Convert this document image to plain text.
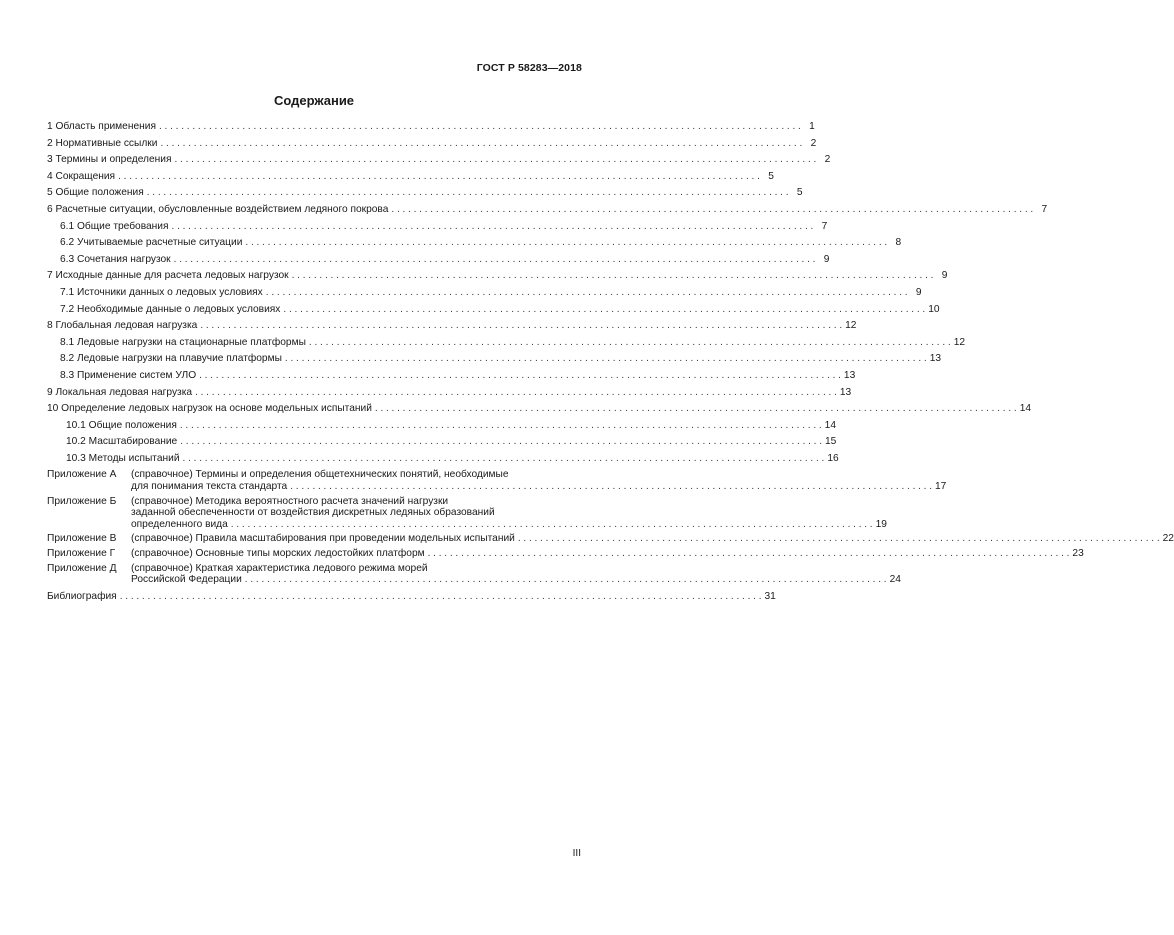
ГОСТ Р 58283—2018
Содержание
1 Область применения . . .	1
2 Нормативные ссылки . . .	2
3 Термины и определения . . .	2
4 Сокращения . . .	5
5 Общие положения . . .	5
6 Расчетные ситуации, обусловленные воздействием ледяного покрова . . .	7
6.1 Общие требования . . .	7
6.2 Учитываемые расчетные ситуации . . .	8
6.3 Сочетания нагрузок . . .	9
7 Исходные данные для расчета ледовых нагрузок . . .	9
7.1 Источники данных о ледовых условиях . . .	9
7.2 Необходимые данные о ледовых условиях . . .	10
8 Глобальная ледовая нагрузка . . .	12
8.1 Ледовые нагрузки на стационарные платформы . . .	12
8.2 Ледовые нагрузки на плавучие платформы . . .	13
8.3 Применение систем УЛО . . .	13
9 Локальная ледовая нагрузка . . .	13
10 Определение ледовых нагрузок на основе модельных испытаний . . .	14
10.1 Общие положения . . .	14
10.2 Масштабирование . . .	15
10.3 Методы испытаний . . .	16
Приложение А	(справочное) Термины и определения общетехнических понятий, необходимые
для понимания текста стандарта . . .	17
Приложение Б	(справочное) Методика вероятностного расчета значений нагрузки
заданной обеспеченности от воздействия дискретных ледяных образований
определенного вида . . .	19
Приложение В	(справочное) Правила масштабирования при проведении модельных испытаний . . .	22
Приложение Г	(справочное) Основные типы морских ледостойких платформ . . .	23
Приложение Д	(справочное) Краткая характеристика ледового режима морей
Российской Федерации . . .	24
Библиография . . .	31
III
